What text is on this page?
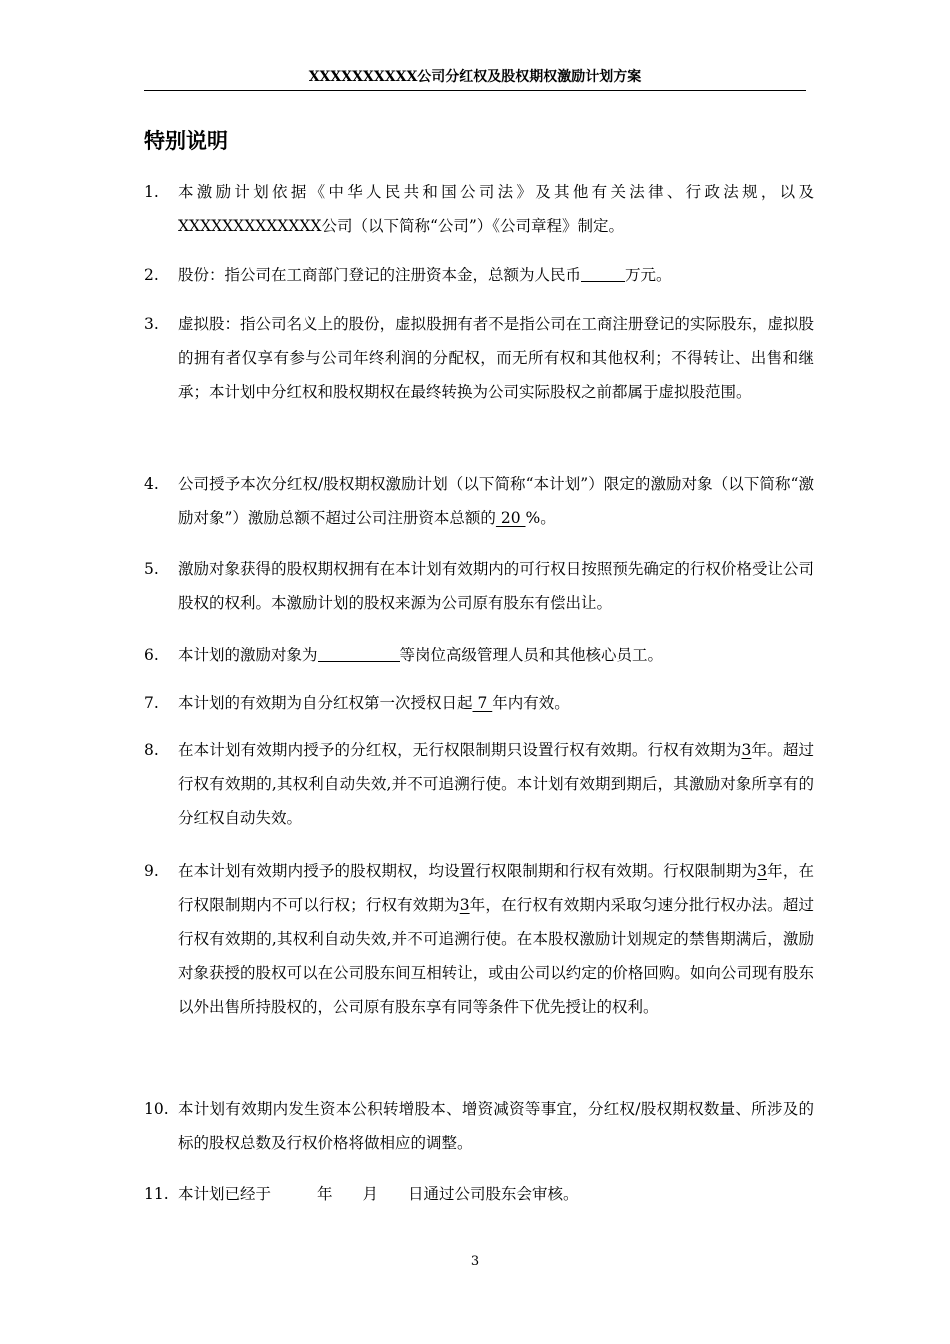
XXXXXXXXXX公司分红权及股权期权激励计划方案
特别说明
1.	本激励计划依据《中华人民共和国公司法》及其他有关法律、行政法规，以及XXXXXXXXXXXXX公司（以下简称“公司”）《公司章程》制定。
2.	股份：指公司在工商部门登记的注册资本金，总额为人民币	万元。
3.	虚拟股：指公司名义上的股份，虚拟股拥有者不是指公司在工商注册登记的实际股东，虚拟股的拥有者仅享有参与公司年终利润的分配权，而无所有权和其他权利；不得转让、出售和继承；本计划中分红权和股权期权在最终转换为公司实际股权之前都属于虚拟股范围。
4.	公司授予本次分红权/股权期权激励计划（以下简称“本计划”）限定的激励对象（以下简称“激励对象”）激励总额不超过公司注册资本总额的 20 %。
5.	激励对象获得的股权期权拥有在本计划有效期内的可行权日按照预先确定的行权价格受让公司股权的权利。本激励计划的股权来源为公司原有股东有偿出让。
6.	本计划的激励对象为	等岗位高级管理人员和其他核心员工。
7.	本计划的有效期为自分红权第一次授权日起 7 年内有效。
8.	在本计划有效期内授予的分红权，无行权限制期只设置行权有效期。行权有效期为3年。超过行权有效期的,其权利自动失效,并不可追溯行使。本计划有效期到期后，其激励对象所享有的分红权自动失效。
9.	在本计划有效期内授予的股权期权，均设置行权限制期和行权有效期。行权限制期为3年，在行权限制期内不可以行权；行权有效期为3年，在行权有效期内采取匀速分批行权办法。超过行权有效期的,其权利自动失效,并不可追溯行使。在本股权激励计划规定的禁售期满后，激励对象获授的股权可以在公司股东间互相转让，或由公司以约定的价格回购。如向公司现有股东以外出售所持股权的，公司原有股东享有同等条件下优先授让的权利。
10. 本计划有效期内发生资本公积转增股本、增资减资等事宜，分红权/股权期权数量、所涉及的标的股权总数及行权价格将做相应的调整。
11. 本计划已经于	年 月 日通过公司股东会审核。
3
